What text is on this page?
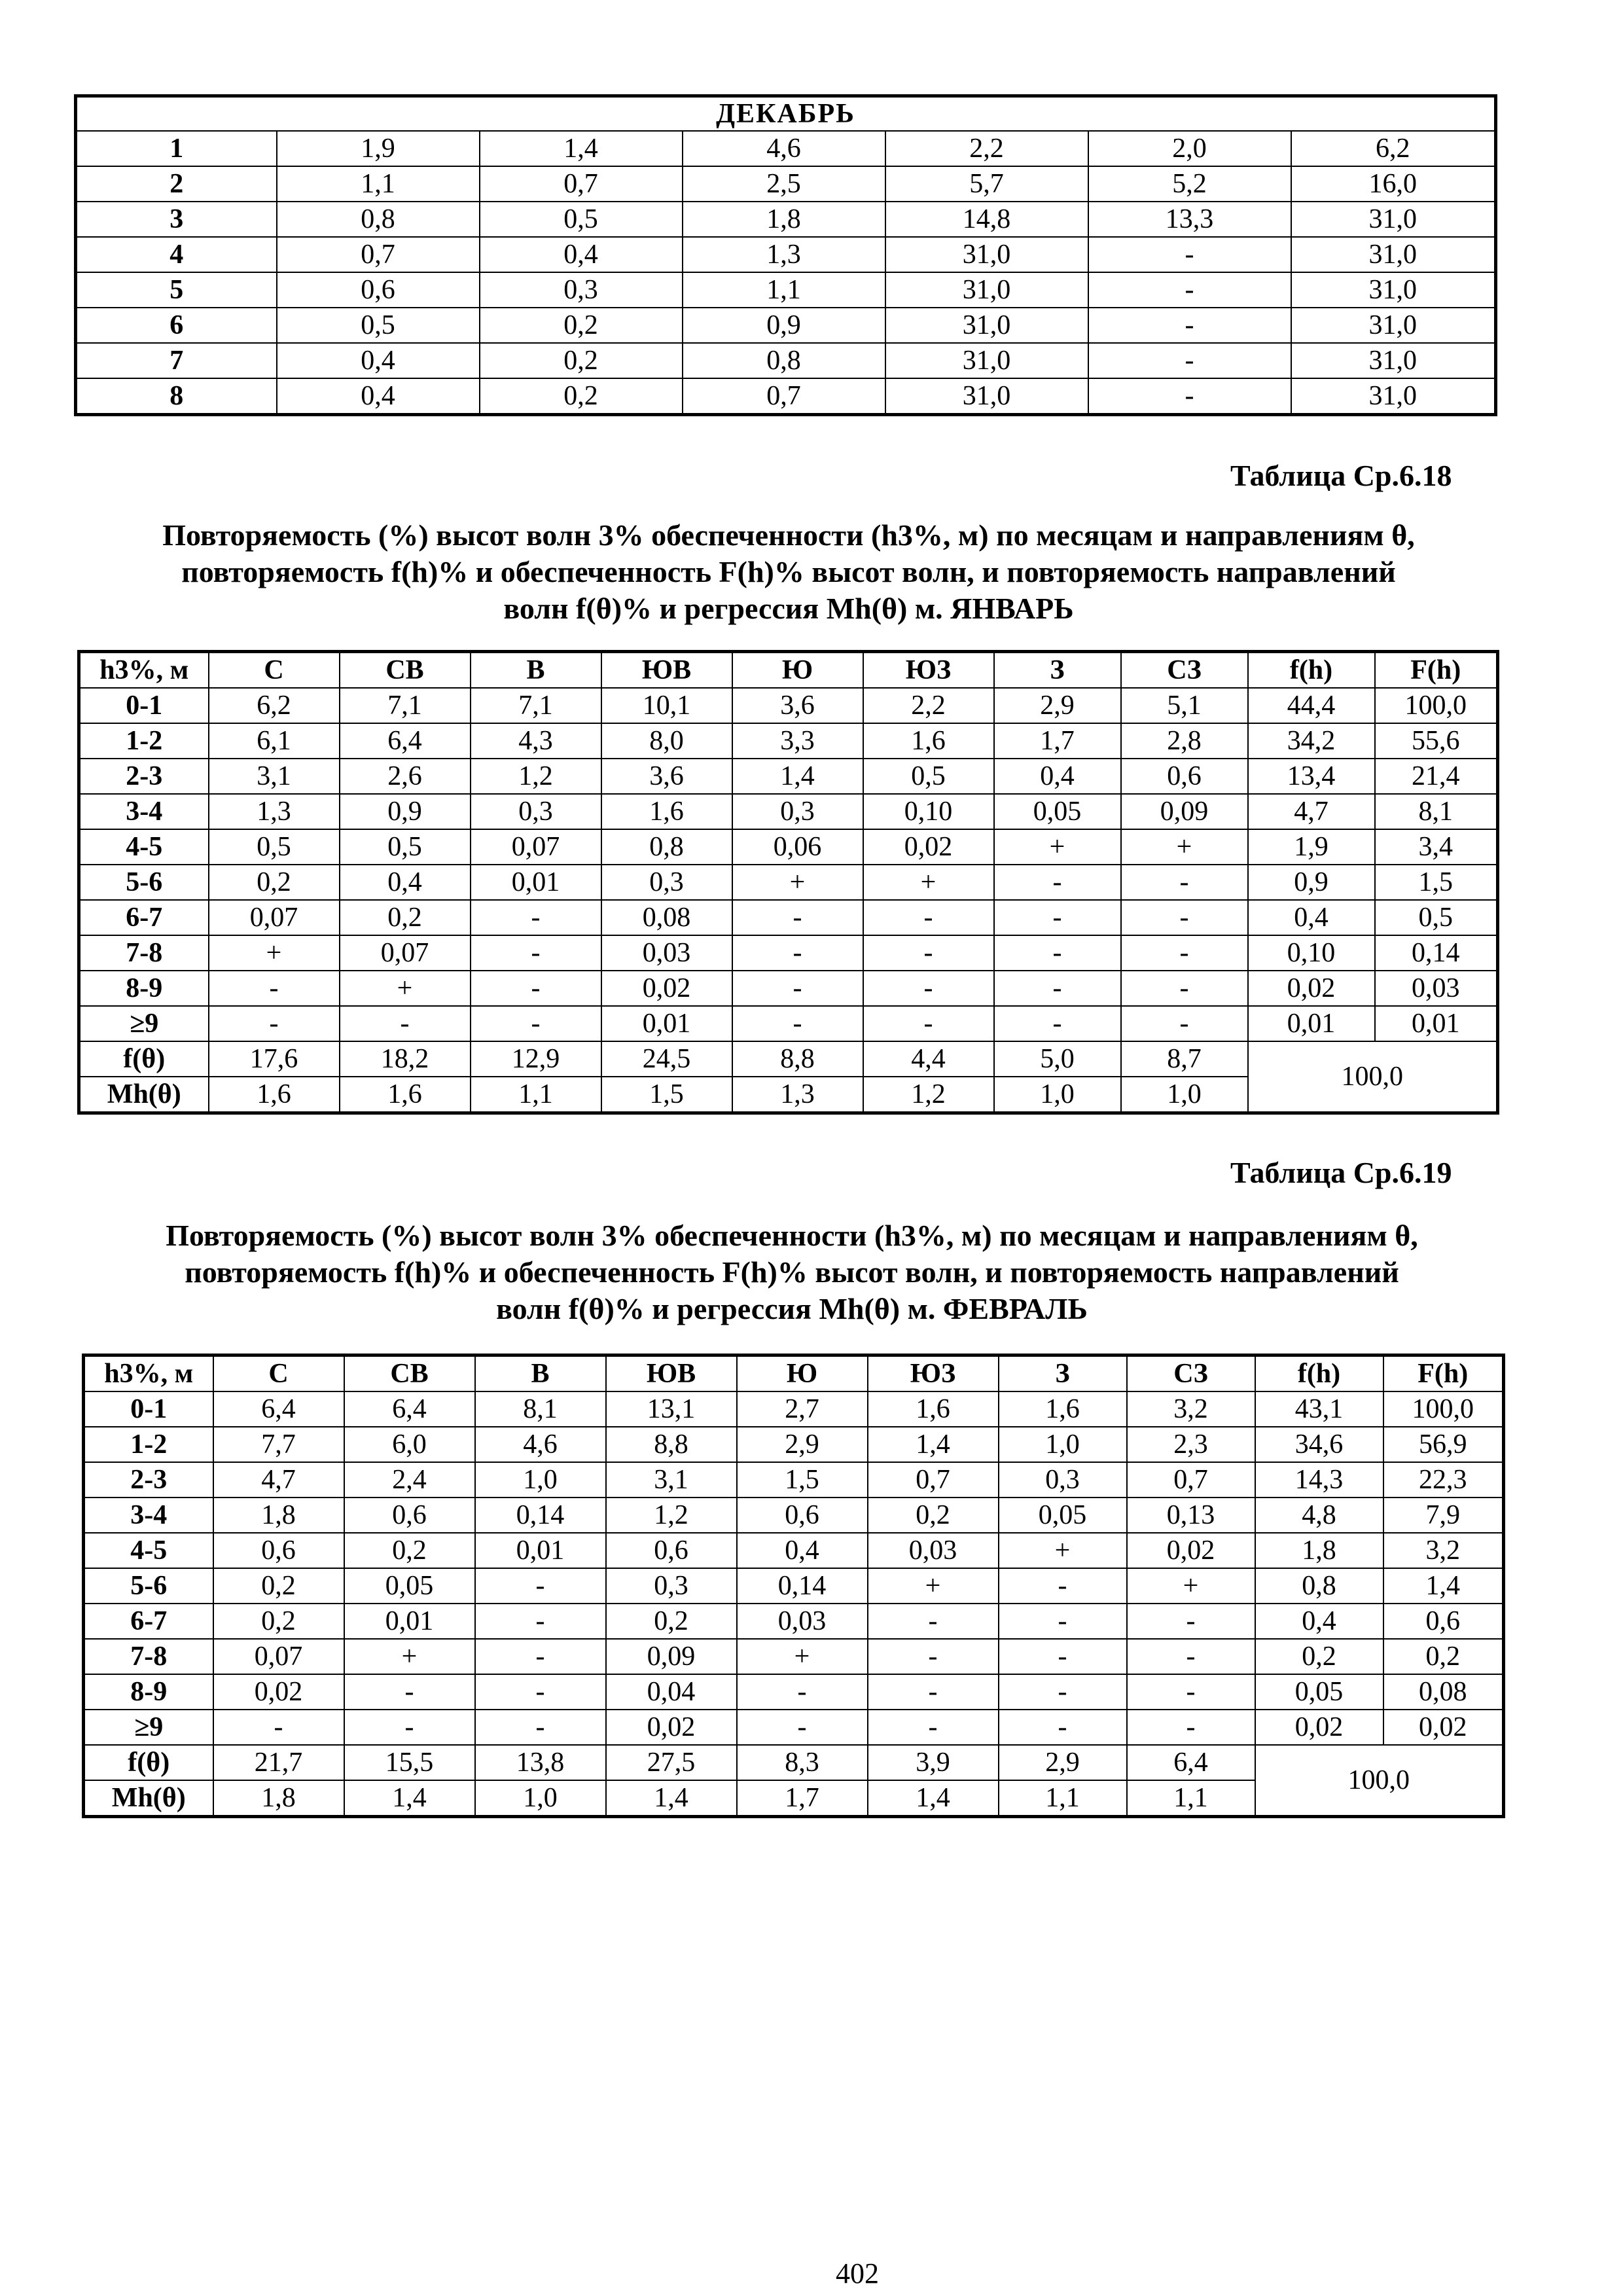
ДЕКАБРЬ						
1	1,9	1,4	4,6	2,2	2,0	6,2
2	1,1	0,7	2,5	5,7	5,2	16,0
3	0,8	0,5	1,8	14,8	13,3	31,0
4	0,7	0,4	1,3	31,0	-	31,0
5	0,6	0,3	1,1	31,0	-	31,0
6	0,5	0,2	0,9	31,0	-	31,0
7	0,4	0,2	0,8	31,0	-	31,0
8	0,4	0,2	0,7	31,0	-	31,0
Таблица Ср.6.18
Повторяемость (%) высот волн 3% обеспеченности (h3%, м) по месяцам и направлениям θ,
повторяемость f(h)% и обеспеченность F(h)% высот волн, и повторяемость направлений
волн f(θ)% и регрессия Mh(θ) м. ЯНВАРЬ
h3%, м	С	СВ	В	ЮВ	Ю	ЮЗ	З	СЗ	f(h)	F(h)
0-1	6,2	7,1	7,1	10,1	3,6	2,2	2,9	5,1	44,4	100,0
1-2	6,1	6,4	4,3	8,0	3,3	1,6	1,7	2,8	34,2	55,6
2-3	3,1	2,6	1,2	3,6	1,4	0,5	0,4	0,6	13,4	21,4
3-4	1,3	0,9	0,3	1,6	0,3	0,10	0,05	0,09	4,7	8,1
4-5	0,5	0,5	0,07	0,8	0,06	0,02	+	+	1,9	3,4
5-6	0,2	0,4	0,01	0,3	+	+	-	-	0,9	1,5
6-7	0,07	0,2	-	0,08	-	-	-	-	0,4	0,5
7-8	+	0,07	-	0,03	-	-	-	-	0,10	0,14
8-9	-	+	-	0,02	-	-	-	-	0,02	0,03
≥9	-	-	-	0,01	-	-	-	-	0,01	0,01
f(θ)	17,6	18,2	12,9	24,5	8,8	4,4	5,0	8,7	100,0	
Mh(θ)	1,6	1,6	1,1	1,5	1,3	1,2	1,0	1,0		
Таблица Ср.6.19
Повторяемость (%) высот волн 3% обеспеченности (h3%, м) по месяцам и направлениям θ,
повторяемость f(h)% и обеспеченность F(h)% высот волн, и повторяемость направлений
волн f(θ)% и регрессия Mh(θ) м. ФЕВРАЛЬ
h3%, м	С	СВ	В	ЮВ	Ю	ЮЗ	З	СЗ	f(h)	F(h)
0-1	6,4	6,4	8,1	13,1	2,7	1,6	1,6	3,2	43,1	100,0
1-2	7,7	6,0	4,6	8,8	2,9	1,4	1,0	2,3	34,6	56,9
2-3	4,7	2,4	1,0	3,1	1,5	0,7	0,3	0,7	14,3	22,3
3-4	1,8	0,6	0,14	1,2	0,6	0,2	0,05	0,13	4,8	7,9
4-5	0,6	0,2	0,01	0,6	0,4	0,03	+	0,02	1,8	3,2
5-6	0,2	0,05	-	0,3	0,14	+	-	+	0,8	1,4
6-7	0,2	0,01	-	0,2	0,03	-	-	-	0,4	0,6
7-8	0,07	+	-	0,09	+	-	-	-	0,2	0,2
8-9	0,02	-	-	0,04	-	-	-	-	0,05	0,08
≥9	-	-	-	0,02	-	-	-	-	0,02	0,02
f(θ)	21,7	15,5	13,8	27,5	8,3	3,9	2,9	6,4	100,0	
Mh(θ)	1,8	1,4	1,0	1,4	1,7	1,4	1,1	1,1		
402
